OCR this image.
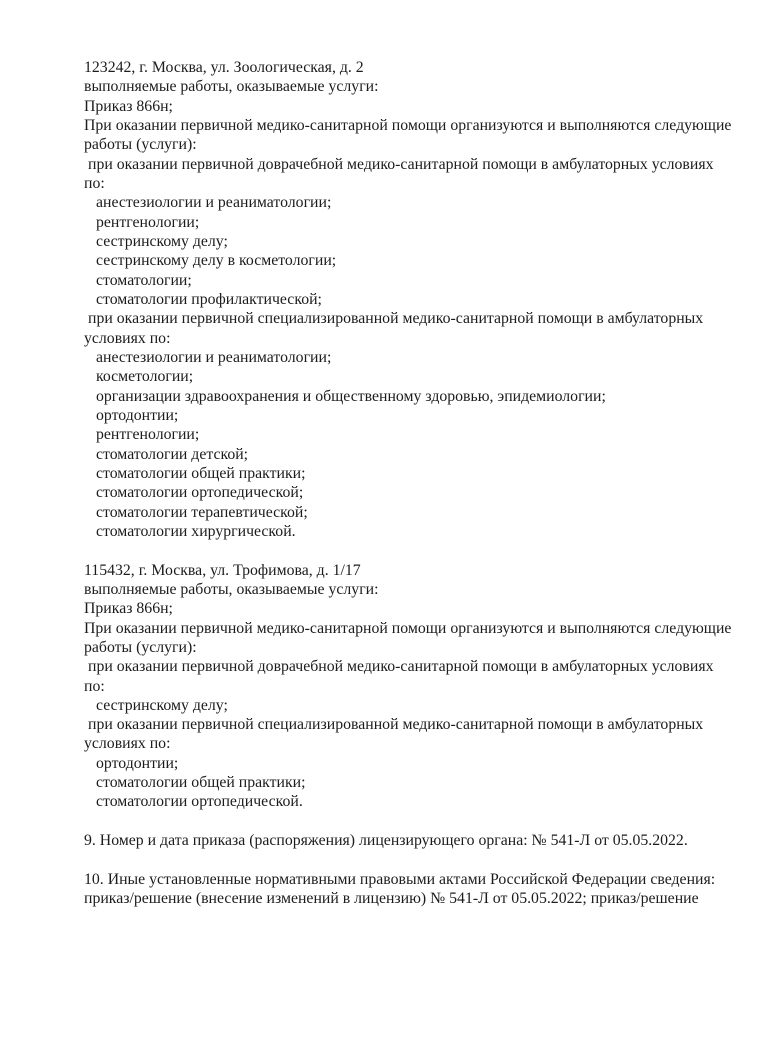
123242, г. Москва, ул. Зоологическая, д. 2
выполняемые работы, оказываемые услуги:
Приказ 866н;
При оказании первичной медико-санитарной помощи организуются и выполняются следующие
работы (услуги):
при оказании первичной доврачебной медико-санитарной помощи в амбулаторных условиях
по:
анестезиологии и реаниматологии;
рентгенологии;
сестринскому делу;
сестринскому делу в косметологии;
стоматологии;
стоматологии профилактической;
при оказании первичной специализированной медико-санитарной помощи в амбулаторных
условиях по:
анестезиологии и реаниматологии;
косметологии;
организации здравоохранения и общественному здоровью, эпидемиологии;
ортодонтии;
рентгенологии;
стоматологии детской;
стоматологии общей практики;
стоматологии ортопедической;
стоматологии терапевтической;
стоматологии хирургической.
115432, г. Москва, ул. Трофимова, д. 1/17
выполняемые работы, оказываемые услуги:
Приказ 866н;
При оказании первичной медико-санитарной помощи организуются и выполняются следующие
работы (услуги):
при оказании первичной доврачебной медико-санитарной помощи в амбулаторных условиях
по:
сестринскому делу;
при оказании первичной специализированной медико-санитарной помощи в амбулаторных
условиях по:
ортодонтии;
стоматологии общей практики;
стоматологии ортопедической.
9. Номер и дата приказа (распоряжения) лицензирующего органа: № 541-Л от 05.05.2022.
10. Иные установленные нормативными правовыми актами Российской Федерации сведения:
приказ/решение (внесение изменений в лицензию) № 541-Л от 05.05.2022; приказ/решение
